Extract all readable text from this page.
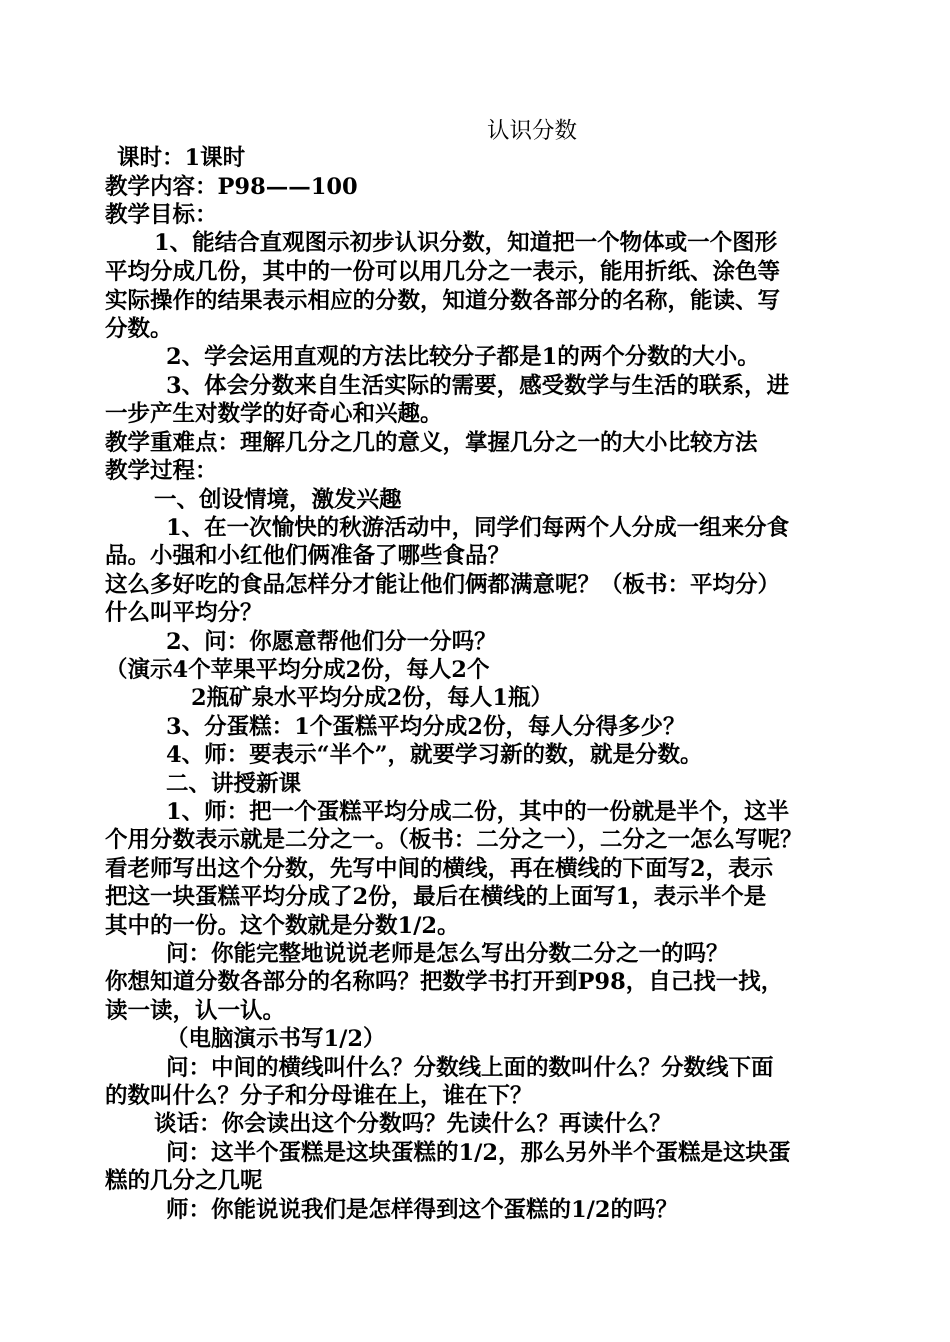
认识分数
课时：1课时
教学内容：P98——100
教学目标：
1、能结合直观图示初步认识分数，知道把一个物体或一个图形
平均分成几份，其中的一份可以用几分之一表示，能用折纸、涂色等
实际操作的结果表示相应的分数，知道分数各部分的名称，能读、写
分数。
2、学会运用直观的方法比较分子都是1的两个分数的大小。
3、体会分数来自生活实际的需要，感受数学与生活的联系，进
一步产生对数学的好奇心和兴趣。
教学重难点：理解几分之几的意义，掌握几分之一的大小比较方法
教学过程：
一、创设情境，激发兴趣
1、在一次愉快的秋游活动中，同学们每两个人分成一组来分食
品。小强和小红他们俩准备了哪些食品？
这么多好吃的食品怎样分才能让他们俩都满意呢？（板书：平均分）
什么叫平均分？
2、问：你愿意帮他们分一分吗？
（演示4个苹果平均分成2份，每人2个
2瓶矿泉水平均分成2份，每人1瓶）
3、分蛋糕：1个蛋糕平均分成2份，每人分得多少？
4、师：要表示“半个”，就要学习新的数，就是分数。
二、讲授新课
1、师：把一个蛋糕平均分成二份，其中的一份就是半个，这半
个用分数表示就是二分之一。（板书：二分之一），二分之一怎么写呢？
看老师写出这个分数，先写中间的横线，再在横线的下面写2，表示
把这一块蛋糕平均分成了2份，最后在横线的上面写1，表示半个是
其中的一份。这个数就是分数1/2。
问：你能完整地说说老师是怎么写出分数二分之一的吗？
你想知道分数各部分的名称吗？把数学书打开到P98，自己找一找，
读一读，认一认。
（电脑演示书写1/2）
问：中间的横线叫什么？分数线上面的数叫什么？分数线下面
的数叫什么？分子和分母谁在上，谁在下？
谈话：你会读出这个分数吗？先读什么？再读什么？
问：这半个蛋糕是这块蛋糕的1/2，那么另外半个蛋糕是这块蛋
糕的几分之几呢
师：你能说说我们是怎样得到这个蛋糕的1/2的吗？
